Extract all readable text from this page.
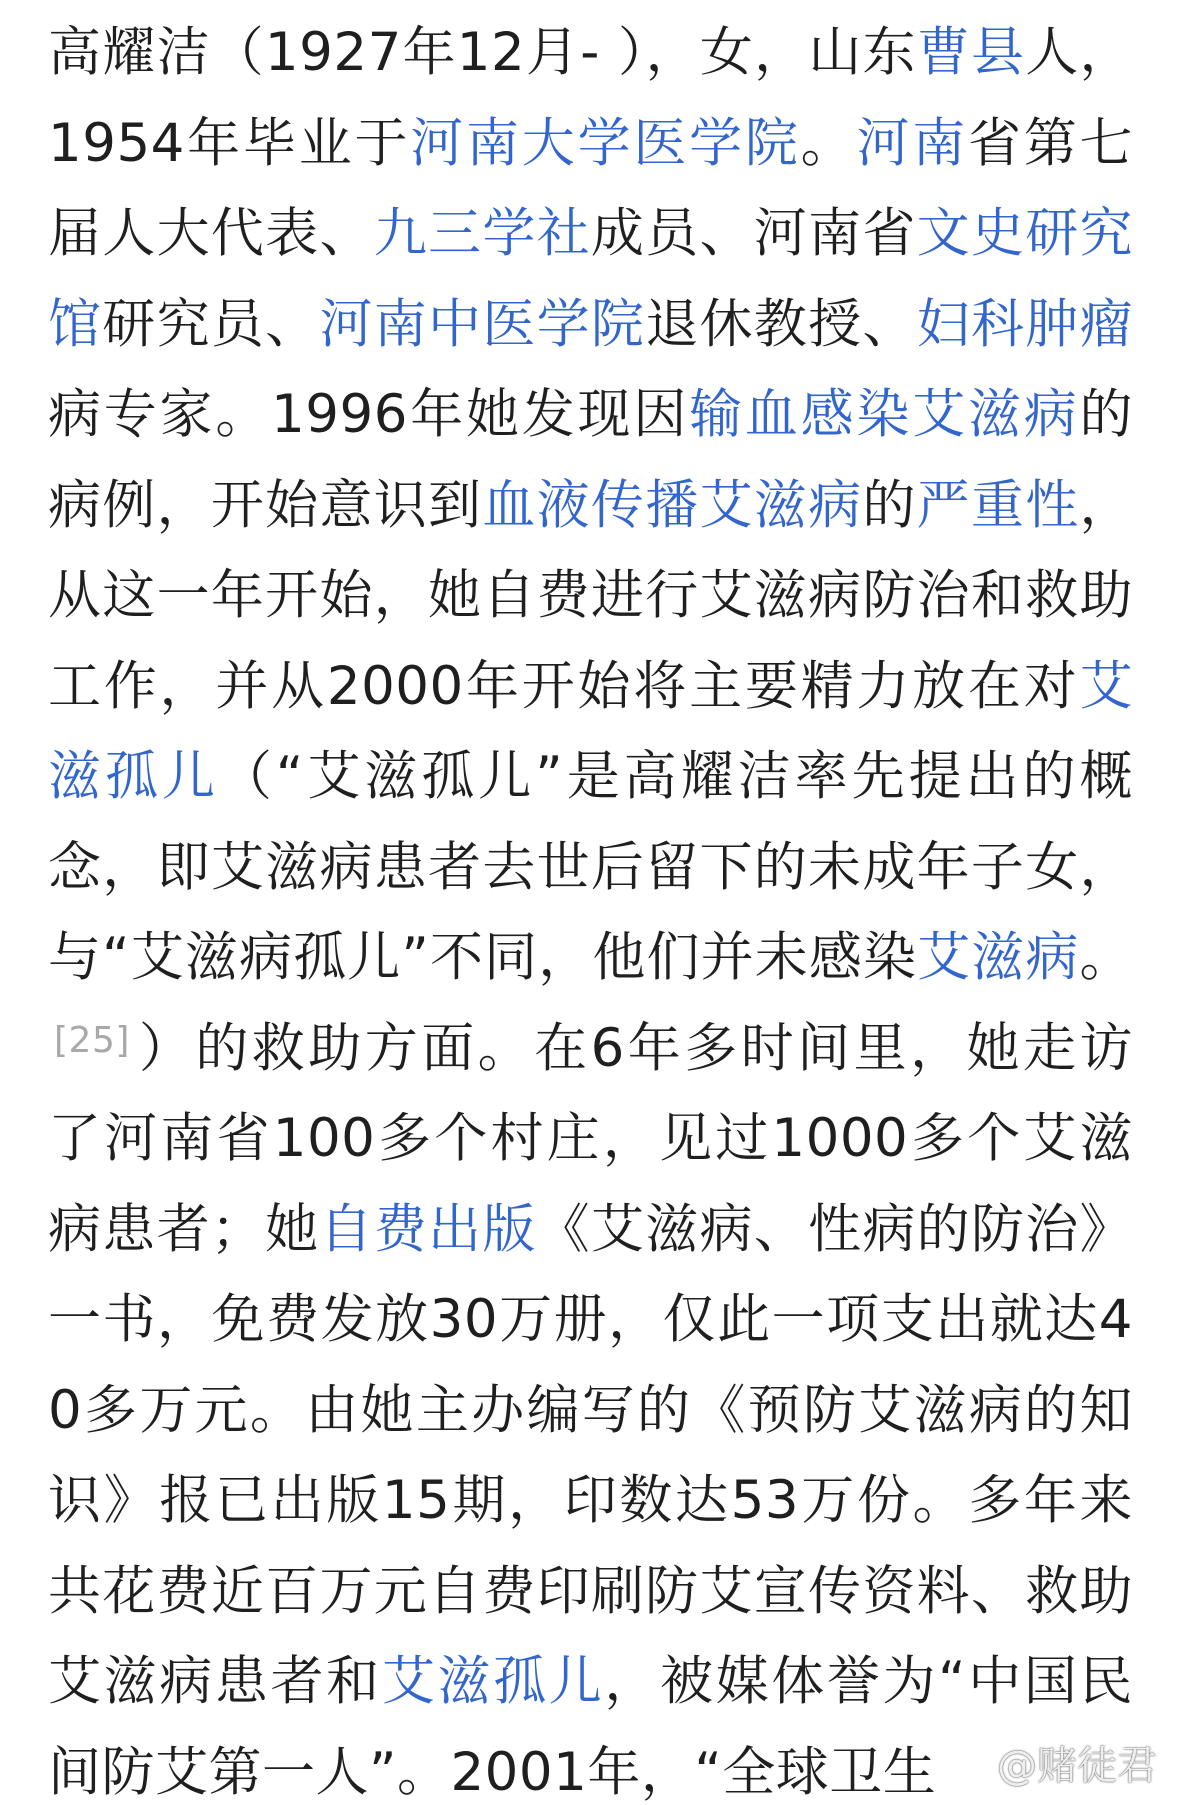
高耀洁（1927年12月- ），女，山东曹县人，1954年毕业于河南大学医学院。河南省第七届人大代表、九三学社成员、河南省文史研究馆研究员、河南中医学院退休教授、妇科肿瘤病专家。1996年她发现因输血感染艾滋病的病例，开始意识到血液传播艾滋病的严重性，从这一年开始，她自费进行艾滋病防治和救助工作，并从2000年开始将主要精力放在对艾滋孤儿（“艾滋孤儿”是高耀洁率先提出的概念，即艾滋病患者去世后留下的未成年子女，与“艾滋病孤儿”不同，他们并未感染艾滋病。[25] ）的救助方面。在6年多时间里，她走访了河南省100多个村庄，见过1000多个艾滋病患者；她自费出版《艾滋病、性病的防治》一书，免费发放30万册，仅此一项支出就达40多万元。由她主办编写的《预防艾滋病的知识》报已出版15期，印数达53万份。多年来共花费近百万元自费印刷防艾宣传资料、救助艾滋病患者和艾滋孤儿，被媒体誉为“中国民间防艾第一人”。2001年，“全球卫生	@赌徒君
